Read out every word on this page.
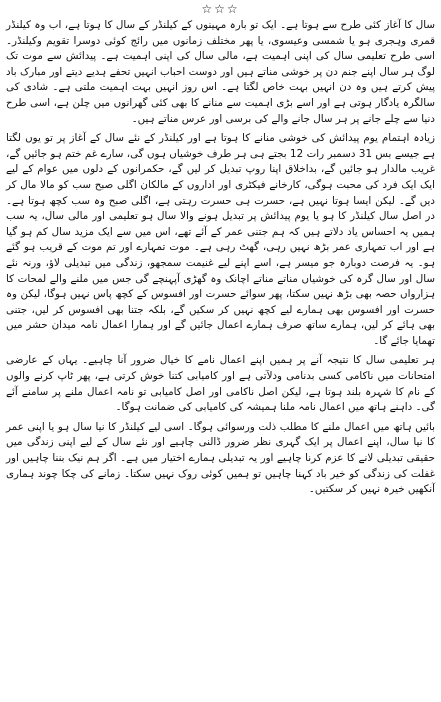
☆☆☆

سال کا آغاز کئی طرح سے ہوتا ہے۔ ایک تو بارہ مہینوں کے کیلنڈر کے سال کا ہوتا ہے، اب وہ کیلنڈر قمری وہجری ہو یا شمسی وعیسوی، یا پھر مختلف زمانوں میں رائج کوئی دوسرا تقویم وکیلنڈر۔ اسی طرح تعلیمی سال کی اپنی اہمیت ہے، مالی سال کی اپنی اہمیت ہے۔ پیدائش سے موت تک لوگ ہر سال اپنے جنم دن پر خوشی مناتے ہیں اور دوست احباب انہیں تحفے ہدیے دیتے اور مبارک باد پیش کرتے ہیں وہ دن انہیں بہت خاص لگتا ہے۔ اس روز انہیں بہت اہمیت ملتی ہے۔ شادی کی سالگرہ یادگار ہوتی ہے اور اسے بڑی اہمیت سے منانے کا بھی کئی گھرانوں میں چلن ہے، اسی طرح دنیا سے چلے جانے پر ہر سال جانے والے کی برسی اور عرس مناتے ہیں۔

زیادہ اہتمام یوم پیدائش کی خوشی منانے کا ہوتا ہے اور کیلنڈر کے نئے سال کے آغاز پر تو یوں لگتا ہے جیسے بس 31 دسمبر رات 12 بجتے ہی ہر طرف خوشیاں ہوں گی، سارے غم ختم ہو جائیں گے، غریب مالدار ہو جائیں گے، بداخلاق اپنا روپ تبدیل کر لیں گے، حکمرانوں کے دلوں میں عوام کے لیے ایک ایک فرد کی محبت ہوگی، کارخانے فیکٹری اور اداروں کے مالکان اگلی صبح سب کو مالا مال کر دیں گے۔ لیکن ایسا ہوتا نہیں ہے، حسرت ہی حسرت رہتی ہے، اگلی صبح وہ سب کچھ ہوتا ہے۔ در اصل سال کیلنڈر کا ہو یا یوم پیدائش پر تبدیل ہونے والا سال ہو تعلیمی اور مالی سال، یہ سب ہمیں یہ احساس یاد دلاتے ہیں کہ ہم جتنی عمر کے آئے تھے، اس میں سے ایک مزید سال کم ہو گیا ہے اور اب تمہاری عمر بڑھ نہیں رہی، گھٹ رہی ہے۔ موت تمہارے اور تم موت کے قریب ہو گئے ہو۔ یہ فرصت دوبارہ جو میسر ہے، اسے اپنے لیے غنیمت سمجھو، زندگی میں تبدیلی لاؤ، ورنہ نئے سال اور سال گرہ کی خوشیاں مناتے مناتے اچانک وہ گھڑی آپہنچے گی جس میں ملنے والے لمحات کا ہزارواں حصہ بھی بڑھ نہیں سکتا، پھر سوائے حسرت اور افسوس کے کچھ پاس نہیں ہوگا، لیکن وہ حسرت اور افسوس بھی ہمارے لیے کچھ نہیں کر سکیں گے، بلکہ جتنا بھی افسوس کر لیں، جتنی بھی ہائے کر لیں، ہمارے ساتھ صرف ہمارے اعمال جائیں گے اور ہمارا اعمال نامہ میدان حشر میں تھمایا جائے گا۔

ہر تعلیمی سال کا نتیجہ آنے پر ہمیں اپنے اعمال نامے کا خیال ضرور آنا چاہیے۔ یہاں کے عارضی امتحانات میں ناکامی کسی بدنامی ودلآتی ہے اور کامیابی کتنا خوش کرتی ہے، پھر ٹاپ کرنے والوں کے نام کا شہرہ بلند ہوتا ہے، لیکن اصل ناکامی اور اصل کامیابی تو نامہ اعمال ملنے پر سامنے آئے گی۔ داہنے ہاتھ میں اعمال نامہ ملنا ہمیشہ کی کامیابی کی ضمانت ہوگا۔

بائیں ہاتھ میں اعمال ملنے کا مطلب ذلت ورسوائی ہوگا۔ اسی لیے کیلنڈر کا نیا سال ہو یا اپنی عمر کا نیا سال، اپنے اعمال پر ایک گہری نظر ضرور ڈالنی چاہیے اور نئے سال کے لیے اپنی زندگی میں حقیقی تبدیلی لانے کا عزم کرنا چاہیے اور یہ تبدیلی ہمارے اختیار میں ہے۔ اگر ہم نیک بننا چاہیں اور غفلت کی زندگی کو خیر باد کہنا چاہیں تو ہمیں کوئی روک نہیں سکتا۔ زمانے کی چکا چوند ہماری آنکھیں خیرہ نہیں کر سکتیں۔
